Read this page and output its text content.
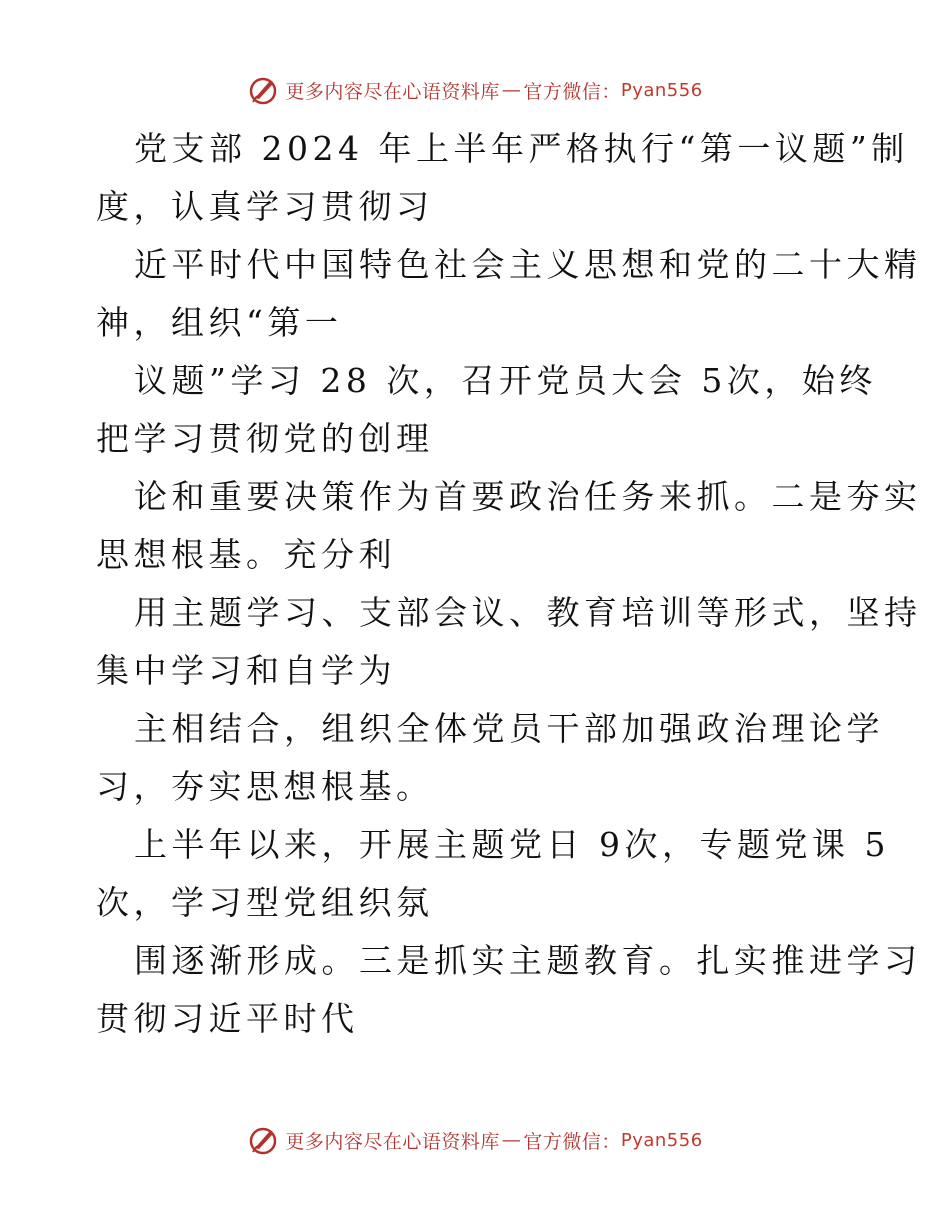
更多内容尽在心语资料库 — 官方微信： Pyan556

党支部 2024 年上半年严格执行“第一议题”制
度，认真学习贯彻习

近平时代中国特色社会主义思想和党的二十大精
神，组织“第一

议题”学习 28 次，召开党员大会 5次，始终
把学习贯彻党的创理

论和重要决策作为首要政治任务来抓。二是夯实
思想根基。充分利

用主题学习、支部会议、教育培训等形式，坚持
集中学习和自学为

主相结合，组织全体党员干部加强政治理论学
习，夯实思想根基。

上半年以来，开展主题党日 9次，专题党课 5
次，学习型党组织氛

围逐渐形成。三是抓实主题教育。扎实推进学习
贯彻习近平时代

更多内容尽在心语资料库 — 官方微信： Pyan556
